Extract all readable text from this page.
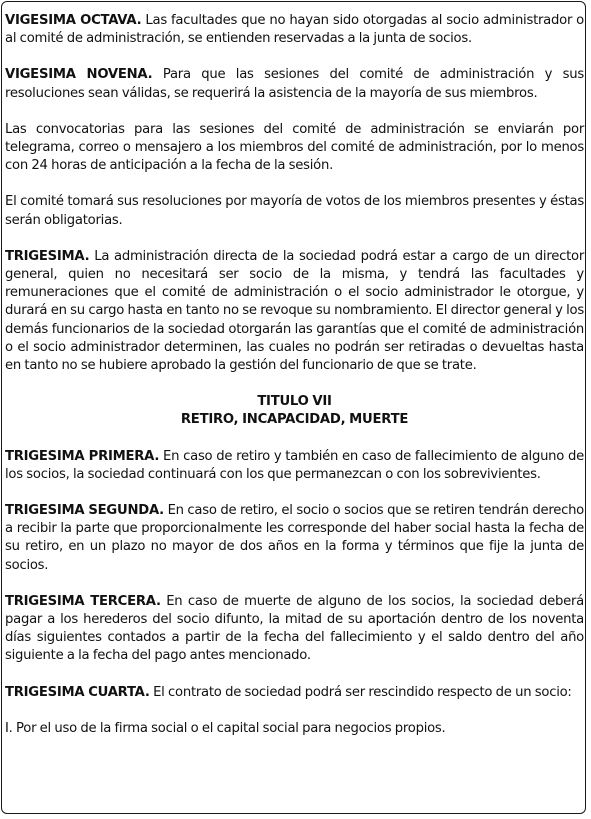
VIGESIMA OCTAVA. Las facultades que no hayan sido otorgadas al socio administrador o al comité de administración, se entienden reservadas a la junta de socios.

VIGESIMA NOVENA. Para que las sesiones del comité de administración y sus resoluciones sean válidas, se requerirá la asistencia de la mayoría de sus miembros.

Las convocatorias para las sesiones del comité de administración se enviarán por telegrama, correo o mensajero a los miembros del comité de administración, por lo menos con 24 horas de anticipación a la fecha de la sesión.

El comité tomará sus resoluciones por mayoría de votos de los miembros presentes y éstas serán obligatorias.

TRIGESIMA. La administración directa de la sociedad podrá estar a cargo de un director general, quien no necesitará ser socio de la misma, y tendrá las facultades y remuneraciones que el comité de administración o el socio administrador le otorgue, y durará en su cargo hasta en tanto no se revoque su nombramiento. El director general y los demás funcionarios de la sociedad otorgarán las garantías que el comité de administración o el socio administrador determinen, las cuales no podrán ser retiradas o devueltas hasta en tanto no se hubiere aprobado la gestión del funcionario de que se trate.

TITULO VII
RETIRO, INCAPACIDAD, MUERTE

TRIGESIMA PRIMERA. En caso de retiro y también en caso de fallecimiento de alguno de los socios, la sociedad continuará con los que permanezcan o con los sobrevivientes.

TRIGESIMA SEGUNDA. En caso de retiro, el socio o socios que se retiren tendrán derecho a recibir la parte que proporcionalmente les corresponde del haber social hasta la fecha de su retiro, en un plazo no mayor de dos años en la forma y términos que fije la junta de socios.

TRIGESIMA TERCERA. En caso de muerte de alguno de los socios, la sociedad deberá pagar a los herederos del socio difunto, la mitad de su aportación dentro de los noventa días siguientes contados a partir de la fecha del fallecimiento y el saldo dentro del año siguiente a la fecha del pago antes mencionado.

TRIGESIMA CUARTA. El contrato de sociedad podrá ser rescindido respecto de un socio:

I. Por el uso de la firma social o el capital social para negocios propios.
